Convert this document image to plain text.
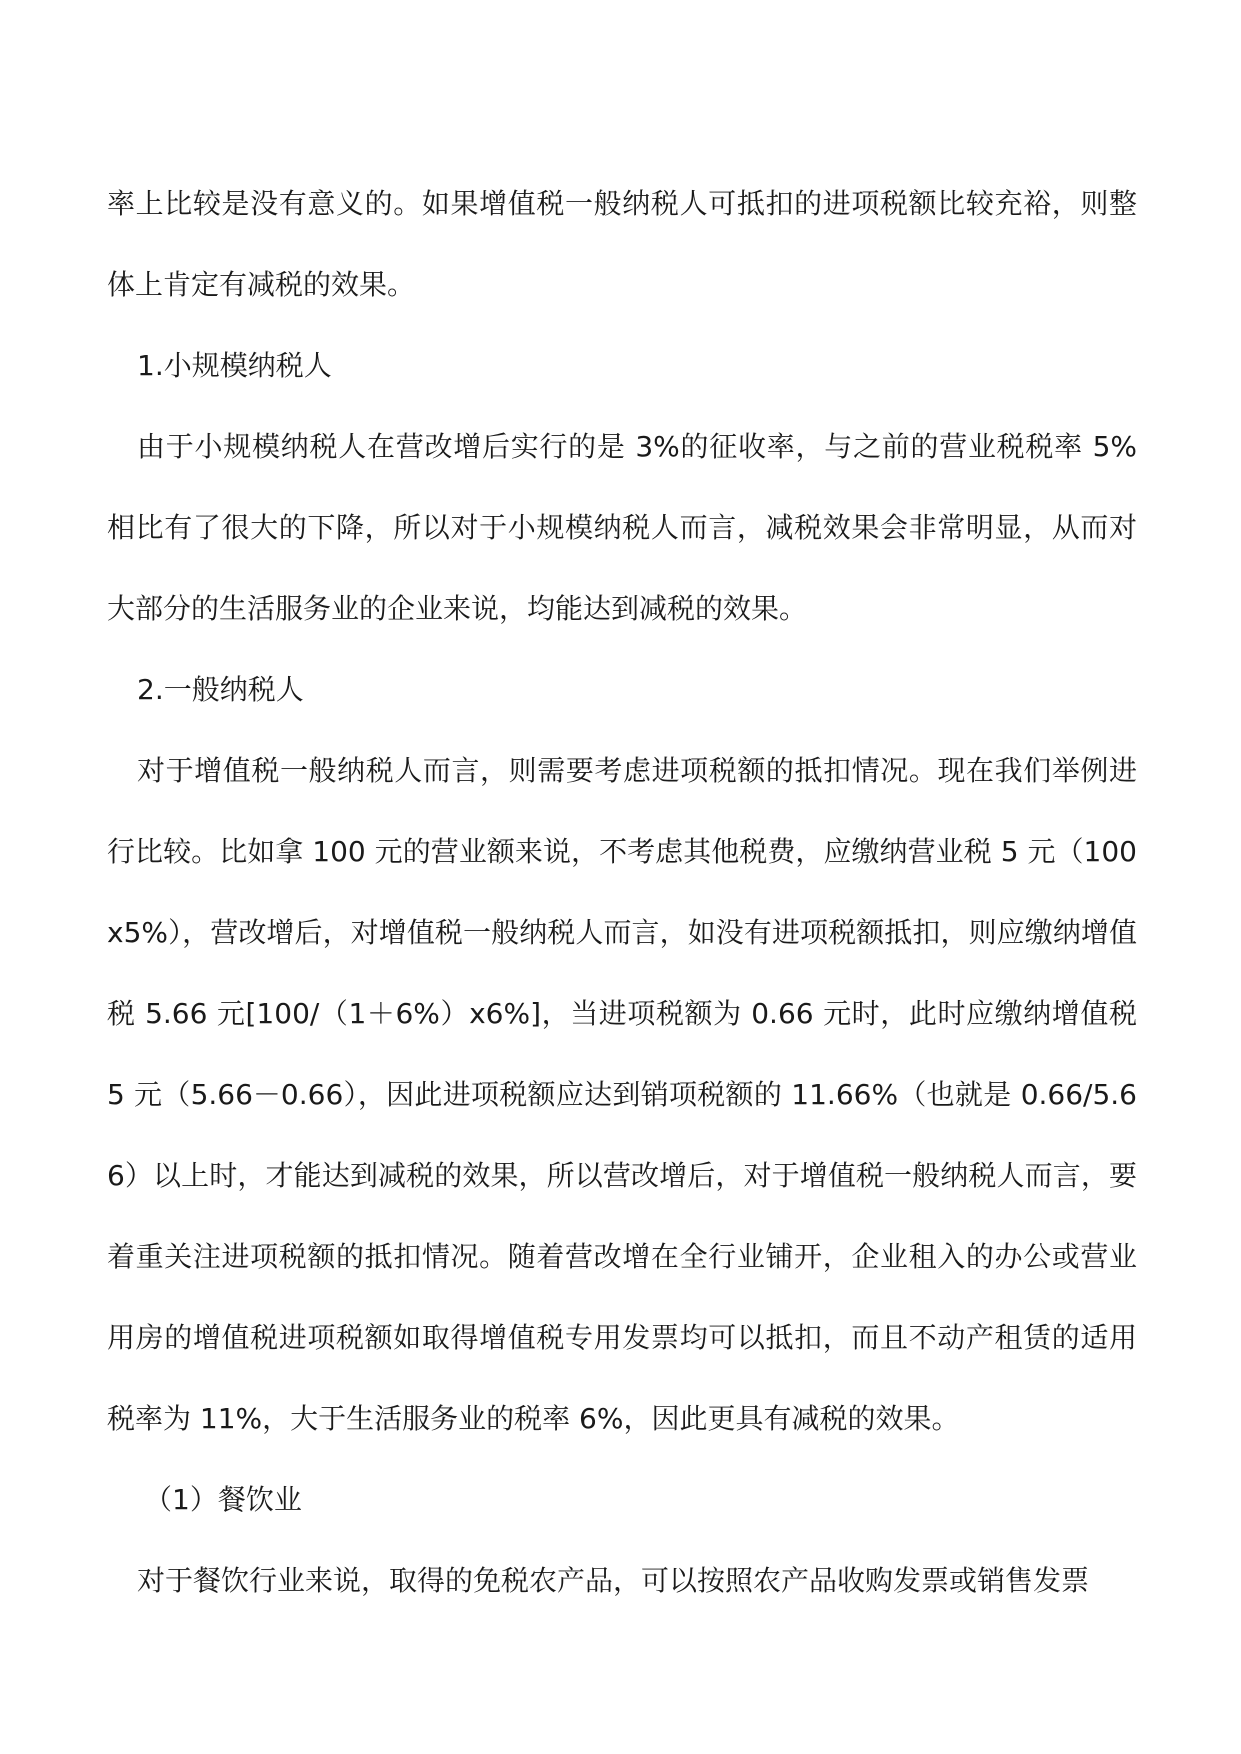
率上比较是没有意义的。如果增值税一般纳税人可抵扣的进项税额比较充裕，则整体上肯定有减税的效果。

1.小规模纳税人

由于小规模纳税人在营改增后实行的是 3%的征收率，与之前的营业税税率 5%相比有了很大的下降，所以对于小规模纳税人而言，减税效果会非常明显，从而对大部分的生活服务业的企业来说，均能达到减税的效果。

2.一般纳税人

对于增值税一般纳税人而言，则需要考虑进项税额的抵扣情况。现在我们举例进行比较。比如拿 100 元的营业额来说，不考虑其他税费，应缴纳营业税 5 元（100x5%），营改增后，对增值税一般纳税人而言，如没有进项税额抵扣，则应缴纳增值税 5.66 元[100/（1＋6%）x6%]，当进项税额为 0.66 元时，此时应缴纳增值税 5 元（5.66－0.66），因此进项税额应达到销项税额的 11.66%（也就是 0.66/5.66）以上时，才能达到减税的效果，所以营改增后，对于增值税一般纳税人而言，要着重关注进项税额的抵扣情况。随着营改增在全行业铺开，企业租入的办公或营业用房的增值税进项税额如取得增值税专用发票均可以抵扣，而且不动产租赁的适用税率为 11%，大于生活服务业的税率 6%，因此更具有减税的效果。

（1）餐饮业

对于餐饮行业来说，取得的免税农产品，可以按照农产品收购发票或销售发票
